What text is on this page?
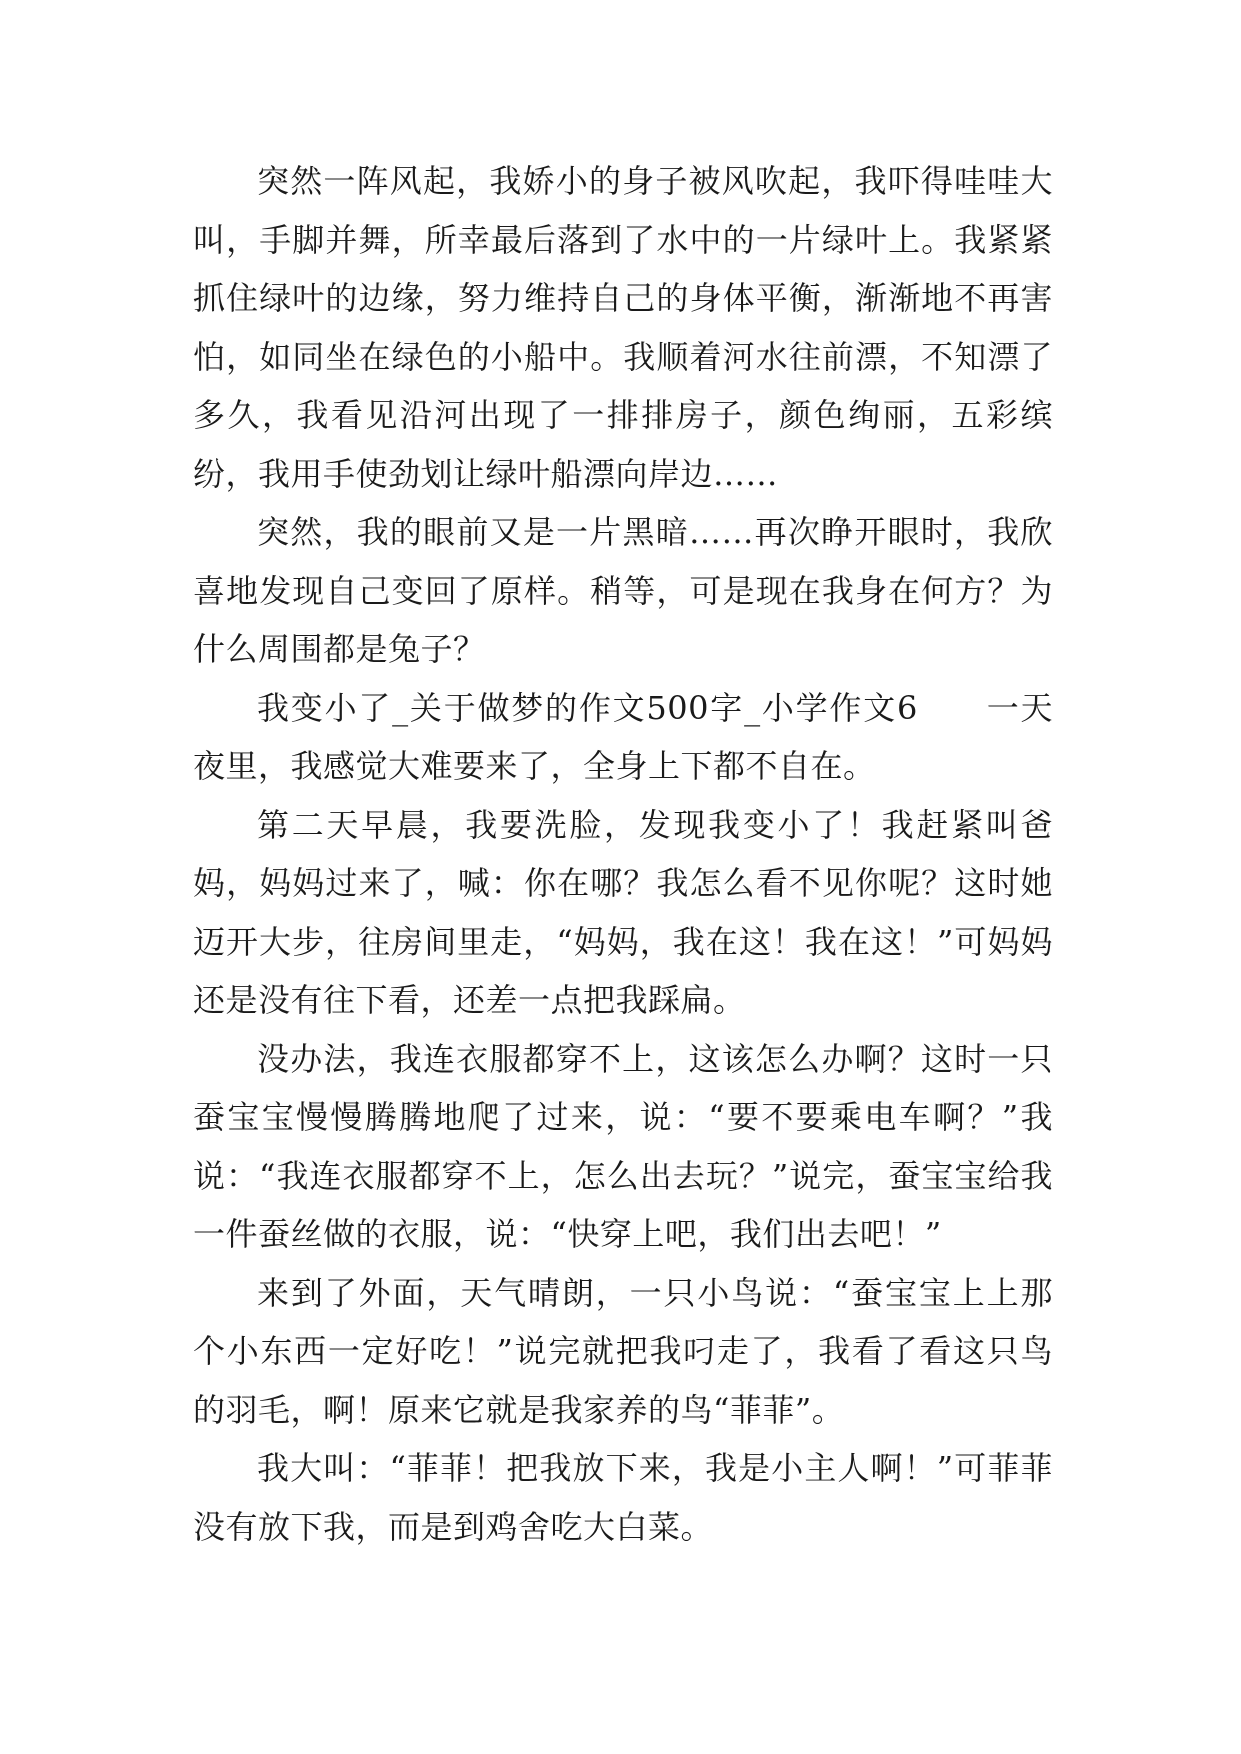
突然一阵风起，我娇小的身子被风吹起，我吓得哇哇大叫，手脚并舞，所幸最后落到了水中的一片绿叶上。我紧紧抓住绿叶的边缘，努力维持自己的身体平衡，渐渐地不再害怕，如同坐在绿色的小船中。我顺着河水往前漂，不知漂了多久，我看见沿河出现了一排排房子，颜色绚丽，五彩缤纷，我用手使劲划让绿叶船漂向岸边……

突然，我的眼前又是一片黑暗……再次睁开眼时，我欣喜地发现自己变回了原样。稍等，可是现在我身在何方？为什么周围都是兔子？

我变小了_关于做梦的作文500字_小学作文6　　一天夜里，我感觉大难要来了，全身上下都不自在。

第二天早晨，我要洗脸，发现我变小了！我赶紧叫爸妈，妈妈过来了，喊：你在哪？我怎么看不见你呢？这时她迈开大步，往房间里走，“妈妈，我在这！我在这！”可妈妈还是没有往下看，还差一点把我踩扁。

没办法，我连衣服都穿不上，这该怎么办啊？这时一只蚕宝宝慢慢腾腾地爬了过来，说：“要不要乘电车啊？”我说：“我连衣服都穿不上，怎么出去玩？”说完，蚕宝宝给我一件蚕丝做的衣服，说：“快穿上吧，我们出去吧！”

来到了外面，天气晴朗，一只小鸟说：“蚕宝宝上上那个小东西一定好吃！”说完就把我叼走了，我看了看这只鸟的羽毛，啊！原来它就是我家养的鸟“菲菲”。

我大叫：“菲菲！把我放下来，我是小主人啊！”可菲菲没有放下我，而是到鸡舍吃大白菜。
